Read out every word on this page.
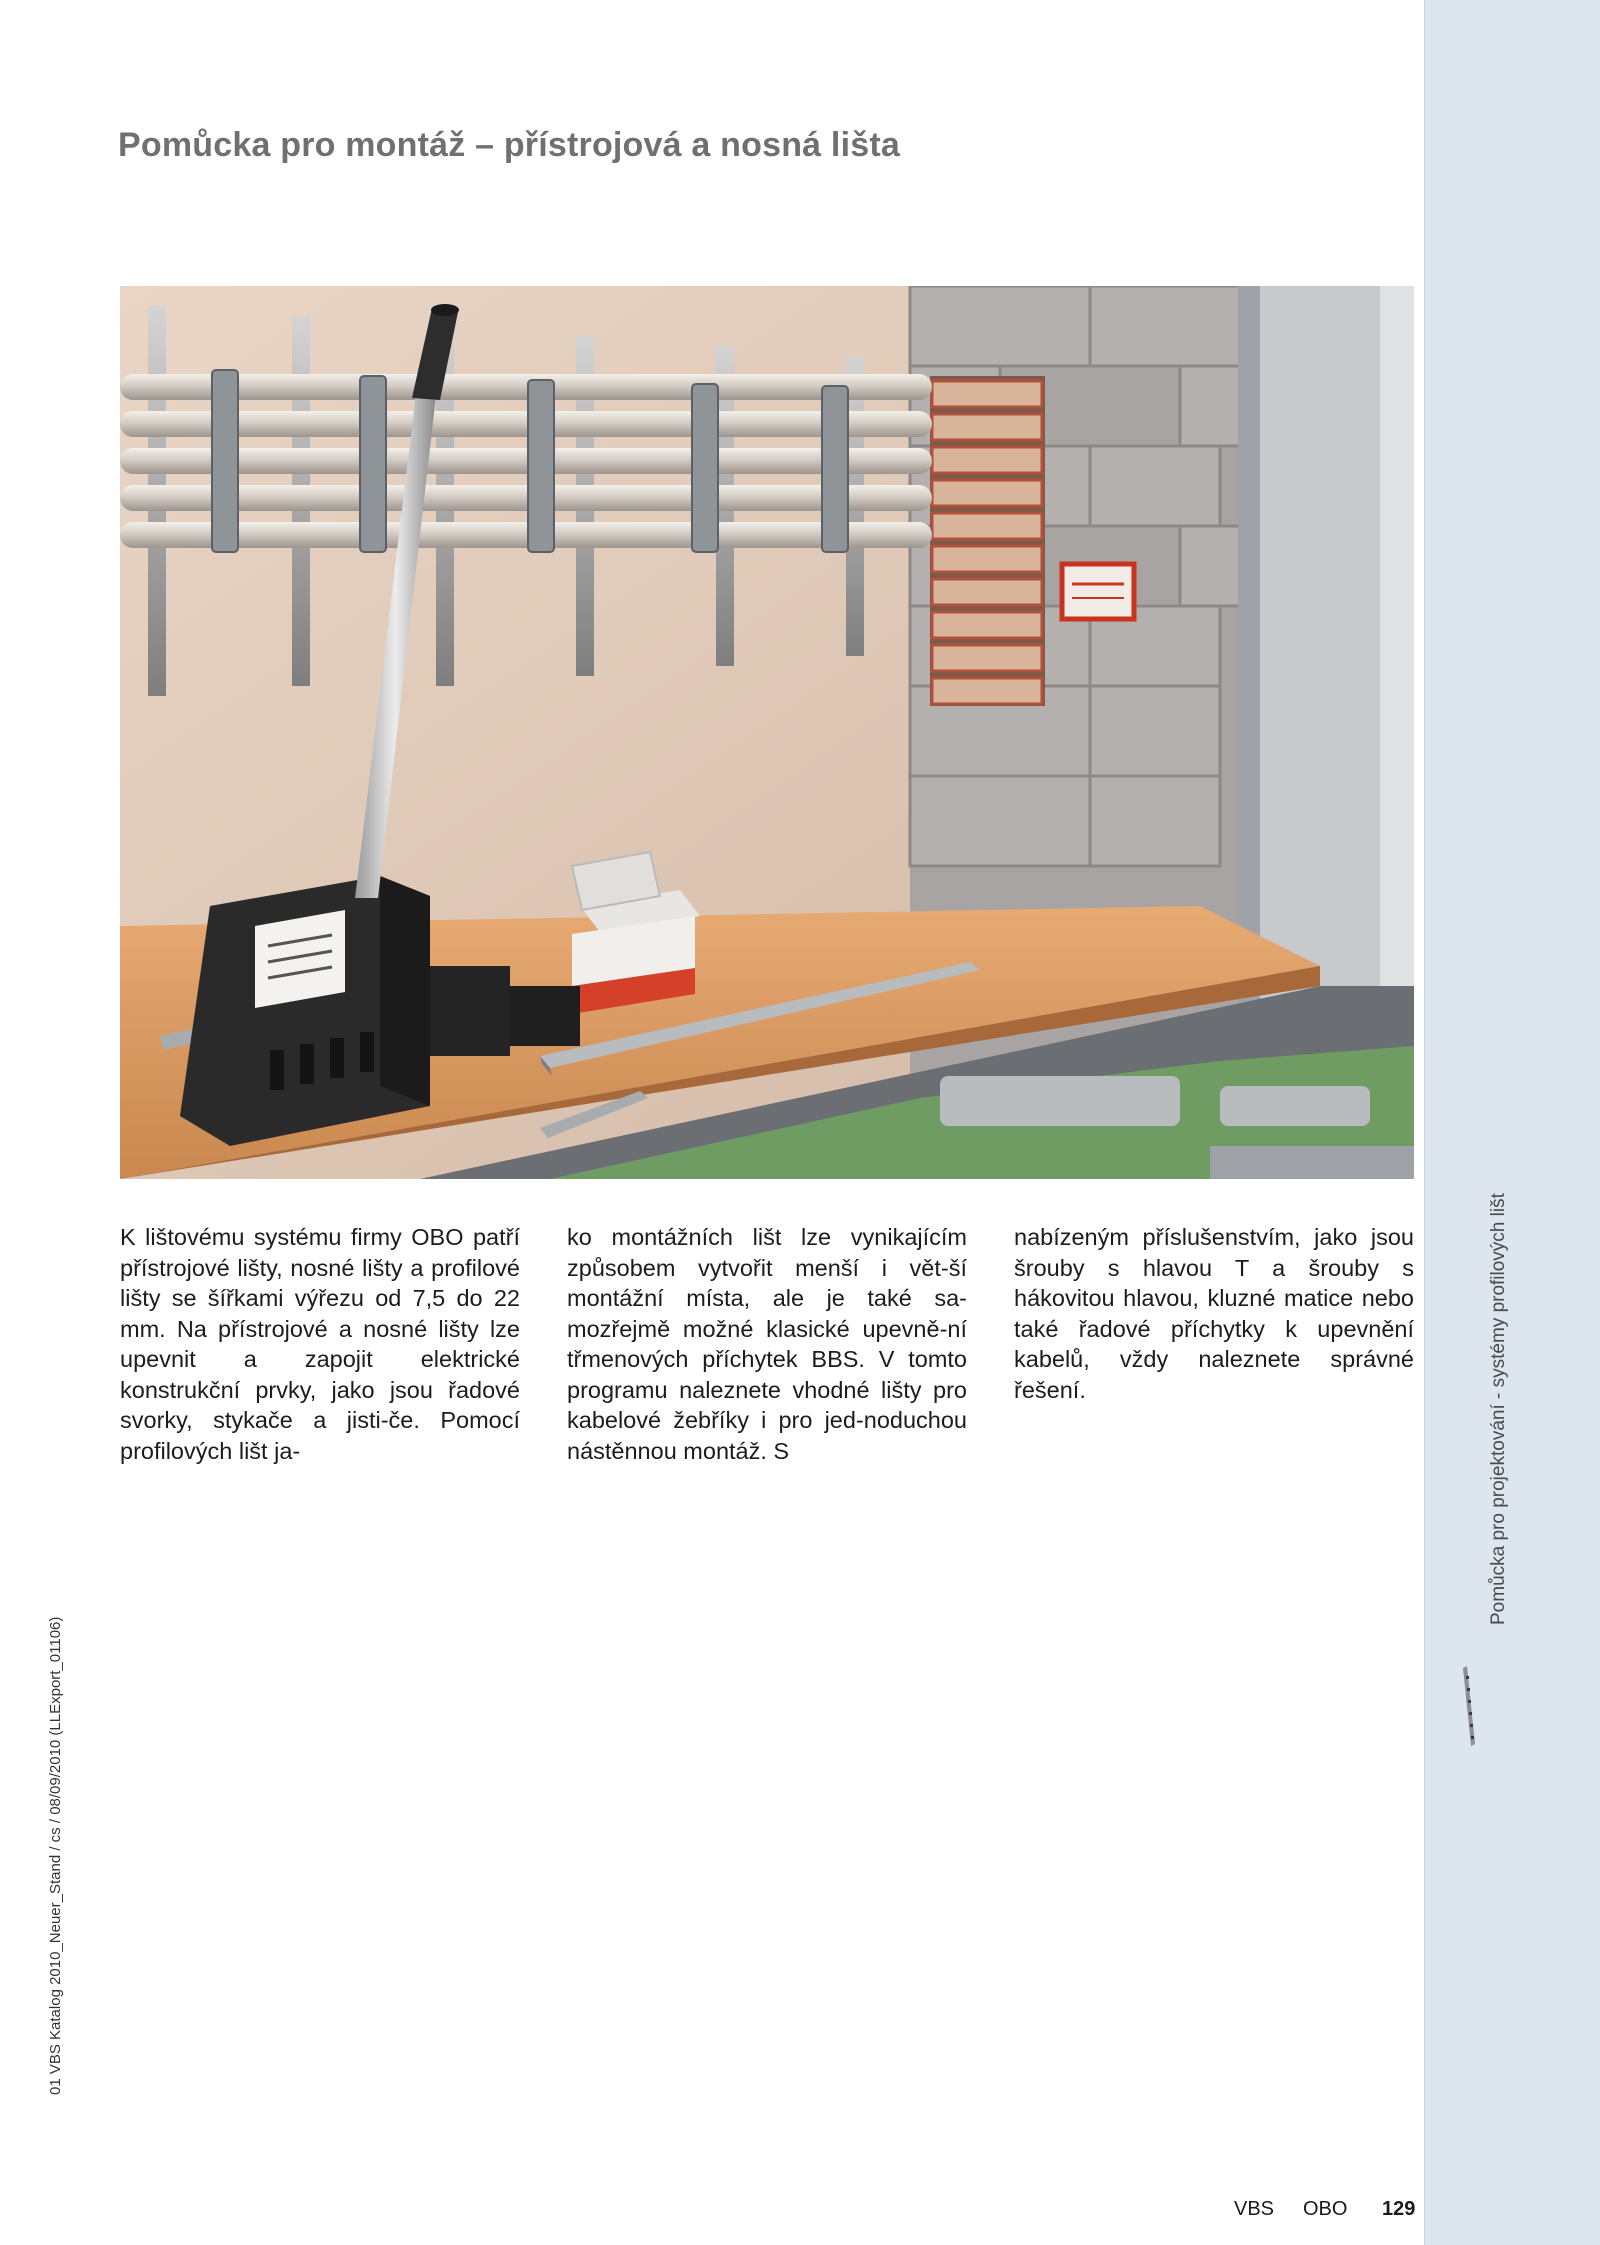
Pomůcka pro montáž – přístrojová a nosná lišta

K lištovému systému firmy OBO patří přístrojové lišty, nosné lišty a profilové lišty se šířkami výřezu od 7,5 do 22 mm. Na přístrojové a nosné lišty lze upevnit a zapojit elektrické konstrukční prvky, jako jsou řadové svorky, stykače a jisti-če. Pomocí profilových lišt ja-

ko montážních lišt lze vynikajícím způsobem vytvořit menší i vět-ší montážní místa, ale je také sa-mozřejmě možné klasické upevně-ní třmenových příchytek BBS. V tomto programu naleznete vhodné lišty pro kabelové žebříky i pro jed-noduchou nástěnnou montáž. S

nabízeným příslušenstvím, jako jsou šrouby s hlavou T a šrouby s hákovitou hlavou, kluzné matice nebo také řadové příchytky k upevnění kabelů, vždy naleznete správné řešení.	Pomůcka pro projektování - systémy profilových lišt
01 VBS Katalog 2010_Neuer_Stand / cs / 08/09/2010 (LLExport_01106)
VBS OBO 129
